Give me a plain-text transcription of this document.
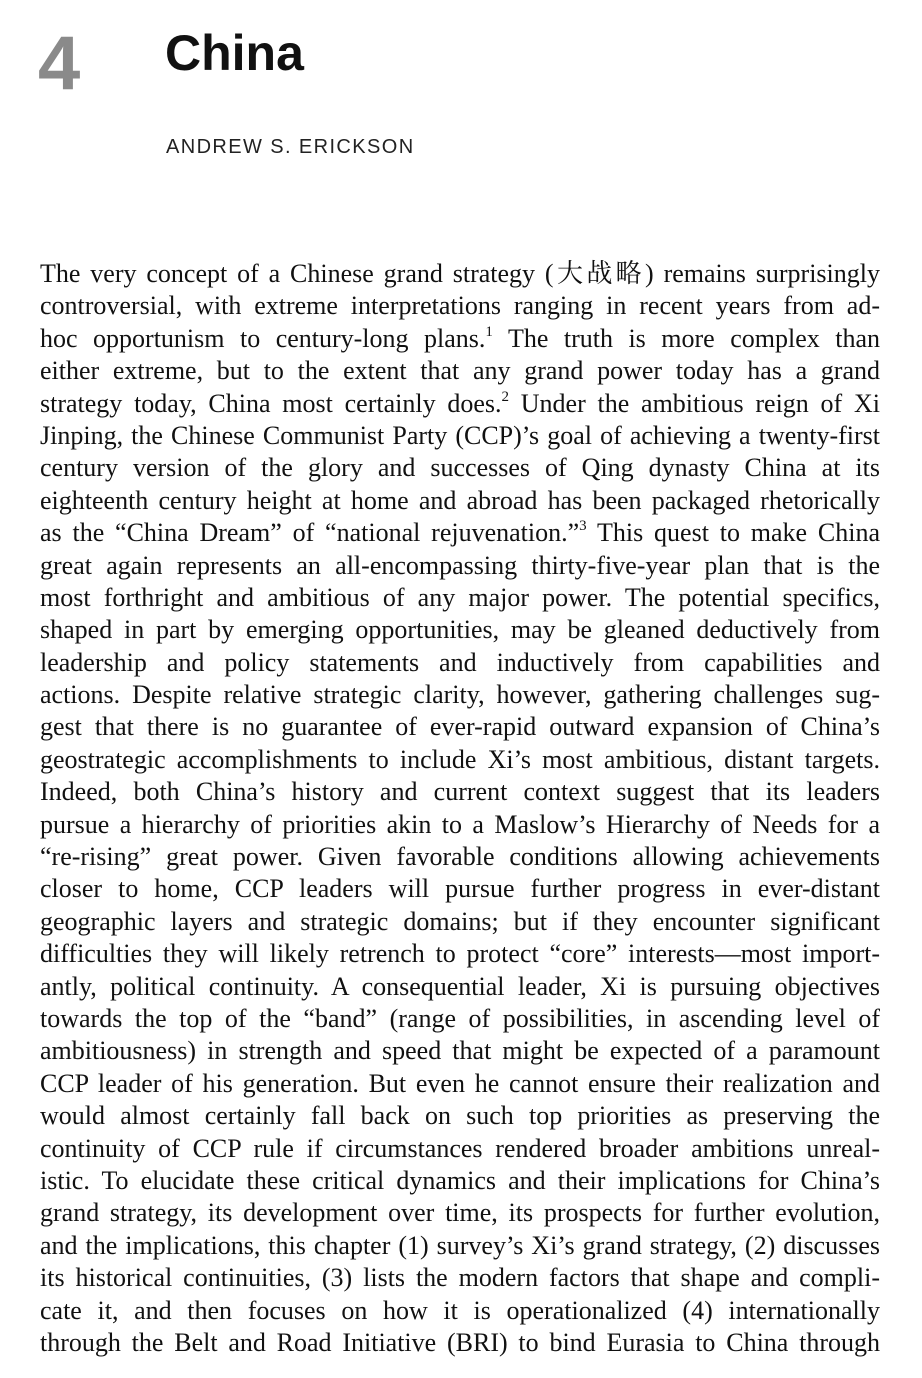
4 China
ANDREW S. ERICKSON
The very concept of a Chinese grand strategy (大战略) remains surprisingly
controversial, with extreme interpretations ranging in recent years from ad-
hoc opportunism to century-long plans.$^1$ The truth is more complex than
either extreme, but to the extent that any grand power today has a grand
strategy today, China most certainly does.$^2$ Under the ambitious reign of Xi
Jinping, the Chinese Communist Party (CCP)’s goal of achieving a twenty-first
century version of the glory and successes of Qing dynasty China at its
eighteenth century height at home and abroad has been packaged rhetorically
as the “China Dream” of “national rejuvenation.”$^3$ This quest to make China
great again represents an all-encompassing thirty-five-year plan that is the
most forthright and ambitious of any major power. The potential specifics,
shaped in part by emerging opportunities, may be gleaned deductively from
leadership and policy statements and inductively from capabilities and
actions. Despite relative strategic clarity, however, gathering challenges sug-
gest that there is no guarantee of ever-rapid outward expansion of China’s
geostrategic accomplishments to include Xi’s most ambitious, distant targets.
Indeed, both China’s history and current context suggest that its leaders
pursue a hierarchy of priorities akin to a Maslow’s Hierarchy of Needs for a
“re-rising” great power. Given favorable conditions allowing achievements
closer to home, CCP leaders will pursue further progress in ever-distant
geographic layers and strategic domains; but if they encounter significant
difficulties they will likely retrench to protect “core” interests—most import-
antly, political continuity. A consequential leader, Xi is pursuing objectives
towards the top of the “band” (range of possibilities, in ascending level of
ambitiousness) in strength and speed that might be expected of a paramount
CCP leader of his generation. But even he cannot ensure their realization and
would almost certainly fall back on such top priorities as preserving the
continuity of CCP rule if circumstances rendered broader ambitions unreal-
istic. To elucidate these critical dynamics and their implications for China’s
grand strategy, its development over time, its prospects for further evolution,
and the implications, this chapter (1) survey’s Xi’s grand strategy, (2) discusses
its historical continuities, (3) lists the modern factors that shape and compli-
cate it, and then focuses on how it is operationalized (4) internationally
through the Belt and Road Initiative (BRI) to bind Eurasia to China through
